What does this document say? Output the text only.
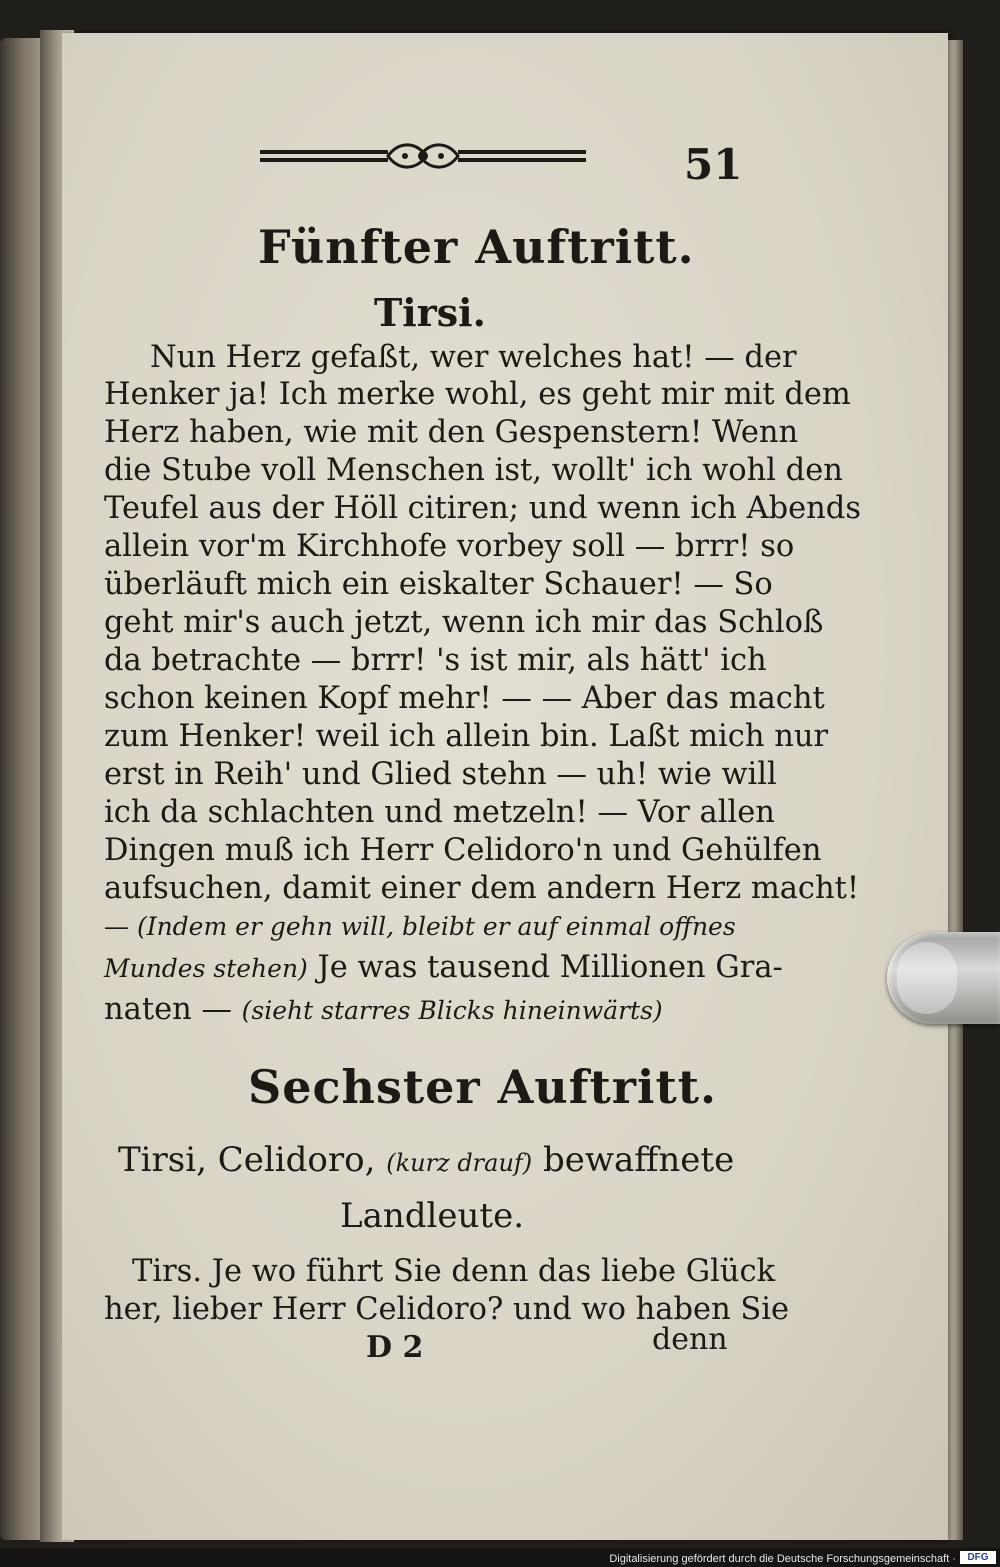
51
Fünfter Auftritt.
Tirsi.
Nun Herz gefaßt, wer welches hat! — der
Henker ja! Ich merke wohl, es geht mir mit dem
Herz haben, wie mit den Gespenstern! Wenn
die Stube voll Menschen ist, wollt' ich wohl den
Teufel aus der Höll citiren; und wenn ich Abends
allein vor'm Kirchhofe vorbey soll — brrr! so
überläuft mich ein eiskalter Schauer! — So
geht mir's auch jetzt, wenn ich mir das Schloß
da betrachte — brrr! 's ist mir, als hätt' ich
schon keinen Kopf mehr! — — Aber das macht
zum Henker! weil ich allein bin. Laßt mich nur
erst in Reih' und Glied stehn — uh! wie will
ich da schlachten und metzeln! — Vor allen
Dingen muß ich Herr Celidoro'n und Gehülfen
aufsuchen, damit einer dem andern Herz macht!
— (Indem er gehn will, bleibt er auf einmal offnes
Mundes stehen) Je was tausend Millionen Gra-
naten — (sieht starres Blicks hineinwärts)
Sechster Auftritt.
Tirsi, Celidoro, (kurz drauf) bewaffnete
Landleute.
Tirs. Je wo führt Sie denn das liebe Glück
her, lieber Herr Celidoro? und wo haben Sie
D 2	denn
Digitalisierung gefördert durch die Deutsche Forschungsgemeinschaft ·	DFG
